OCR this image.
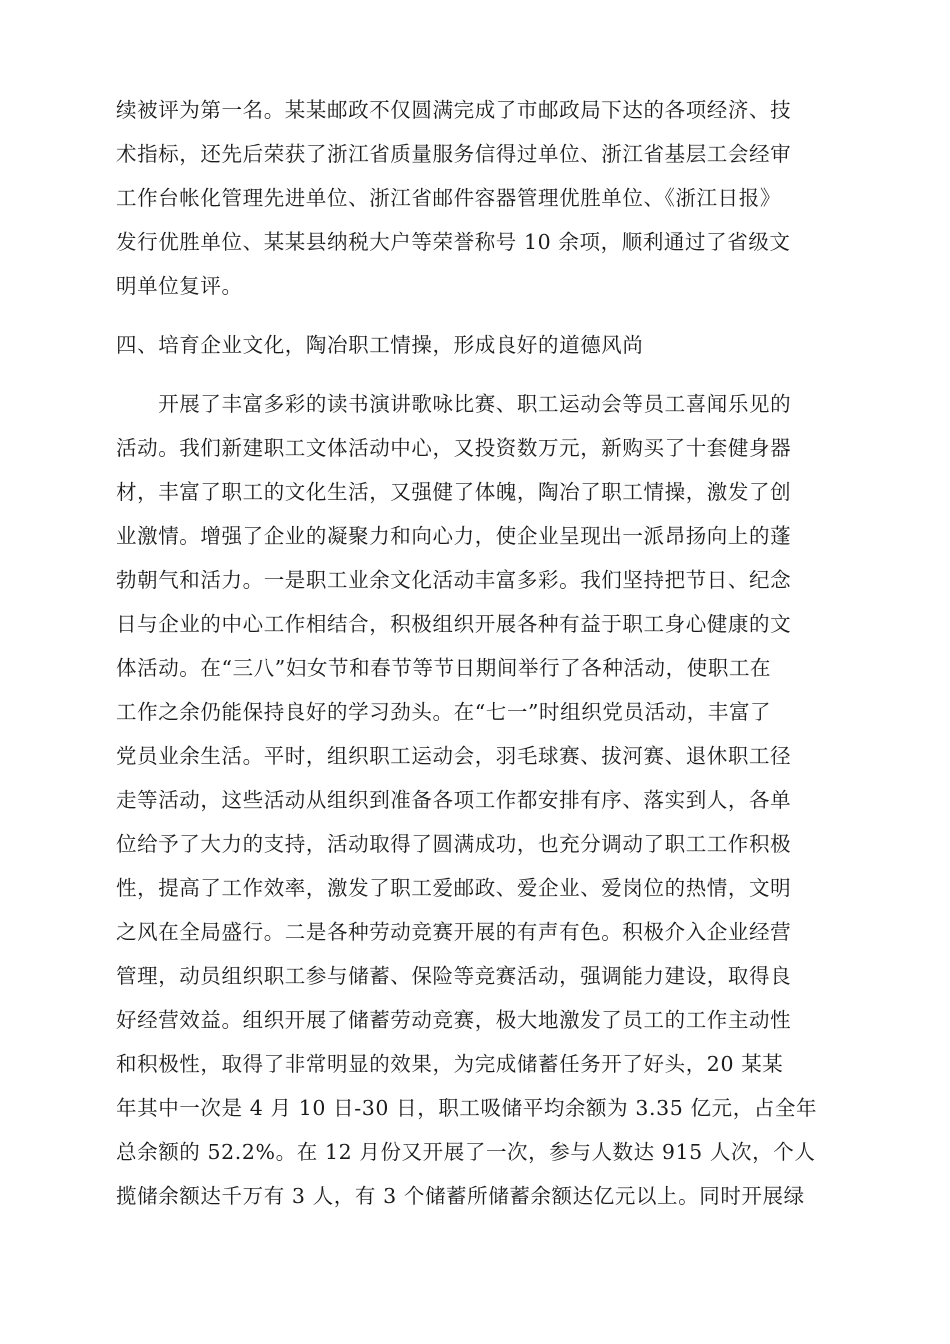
续被评为第一名。某某邮政不仅圆满完成了市邮政局下达的各项经济、技
术指标，还先后荣获了浙江省质量服务信得过单位、浙江省基层工会经审
工作台帐化管理先进单位、浙江省邮件容器管理优胜单位、《浙江日报》
发行优胜单位、某某县纳税大户等荣誉称号 10 余项，顺利通过了省级文
明单位复评。
四、培育企业文化，陶冶职工情操，形成良好的道德风尚
　　开展了丰富多彩的读书演讲歌咏比赛、职工运动会等员工喜闻乐见的
活动。我们新建职工文体活动中心，又投资数万元，新购买了十套健身器
材，丰富了职工的文化生活，又强健了体魄，陶冶了职工情操，激发了创
业激情。增强了企业的凝聚力和向心力，使企业呈现出一派昂扬向上的蓬
勃朝气和活力。一是职工业余文化活动丰富多彩。我们坚持把节日、纪念
日与企业的中心工作相结合，积极组织开展各种有益于职工身心健康的文
体活动。在“三八”妇女节和春节等节日期间举行了各种活动，使职工在
工作之余仍能保持良好的学习劲头。在“七一”时组织党员活动，丰富了
党员业余生活。平时，组织职工运动会，羽毛球赛、拔河赛、退休职工径
走等活动，这些活动从组织到准备各项工作都安排有序、落实到人，各单
位给予了大力的支持，活动取得了圆满成功，也充分调动了职工工作积极
性，提高了工作效率，激发了职工爱邮政、爱企业、爱岗位的热情，文明
之风在全局盛行。二是各种劳动竞赛开展的有声有色。积极介入企业经营
管理，动员组织职工参与储蓄、保险等竞赛活动，强调能力建设，取得良
好经营效益。组织开展了储蓄劳动竞赛，极大地激发了员工的工作主动性
和积极性，取得了非常明显的效果，为完成储蓄任务开了好头，20 某某
年其中一次是 4 月 10 日-30 日，职工吸储平均余额为 3.35 亿元，占全年
总余额的 52.2%。在 12 月份又开展了一次，参与人数达 915 人次，个人
揽储余额达千万有 3 人，有 3 个储蓄所储蓄余额达亿元以上。同时开展绿
